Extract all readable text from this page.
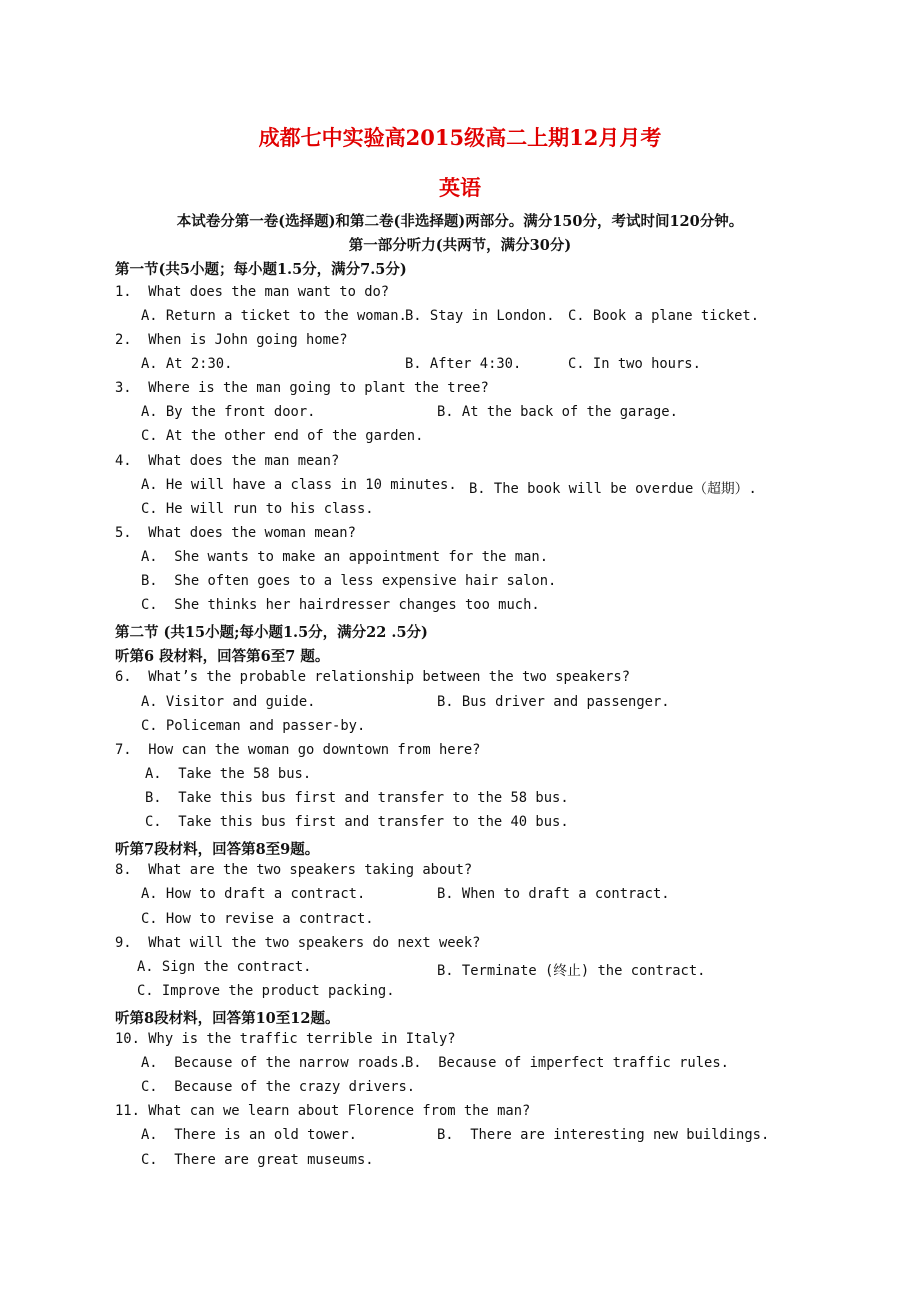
成都七中实验高2015级高二上期12月月考
英语
本试卷分第一卷(选择题)和第二卷(非选择题)两部分。满分150分，考试时间120分钟。
第一部分听力(共两节，满分30分)
第一节(共5小题；每小题1.5分，满分7.5分)
1.  What does the man want to do?
A. Return a ticket to the woman.
B. Stay in London. C. Book a plane ticket.
2.  When is John going home?
A. At 2:30.	B. After 4:30.	C. In two hours.
3.  Where is the man going to plant the tree?
A. By the front door.	B. At the back of the garage.
C. At the other end of the garden.
4.  What does the man mean?
A. He will have a class in 10 minutes. B. The book will be overdue（超期）.
C. He will run to his class.
5.  What does the woman mean?
A.  She wants to make an appointment for the man.
B.  She often goes to a less expensive hair salon.
C.  She thinks her hairdresser changes too much.
第二节 (共15小题;每小题1.5分，满分22 .5分)
听第6 段材料，回答第6至7 题。
6.  What’s the probable relationship between the two speakers?
A. Visitor and guide.	B. Bus driver and passenger.
C. Policeman and passer-by.
7.  How can the woman go downtown from here?
A.  Take the 58 bus.
B.  Take this bus first and transfer to the 58 bus.
C.  Take this bus first and transfer to the 40 bus.
听第7段材料，回答第8至9题。
8.  What are the two speakers taking about?
A. How to draft a contract.	B. When to draft a contract.
C. How to revise a contract.
9.  What will the two speakers do next week?
A. Sign the contract.	B. Terminate (终止) the contract.
C. Improve the product packing.
听第8段材料，回答第10至12题。
10. Why is the traffic terrible in Italy?
A.  Because of the narrow roads.
B.  Because of imperfect traffic rules.
C.  Because of the crazy drivers.
11. What can we learn about Florence from the man?
A.  There is an old tower.	B.  There are interesting new buildings.
C.  There are great museums.
